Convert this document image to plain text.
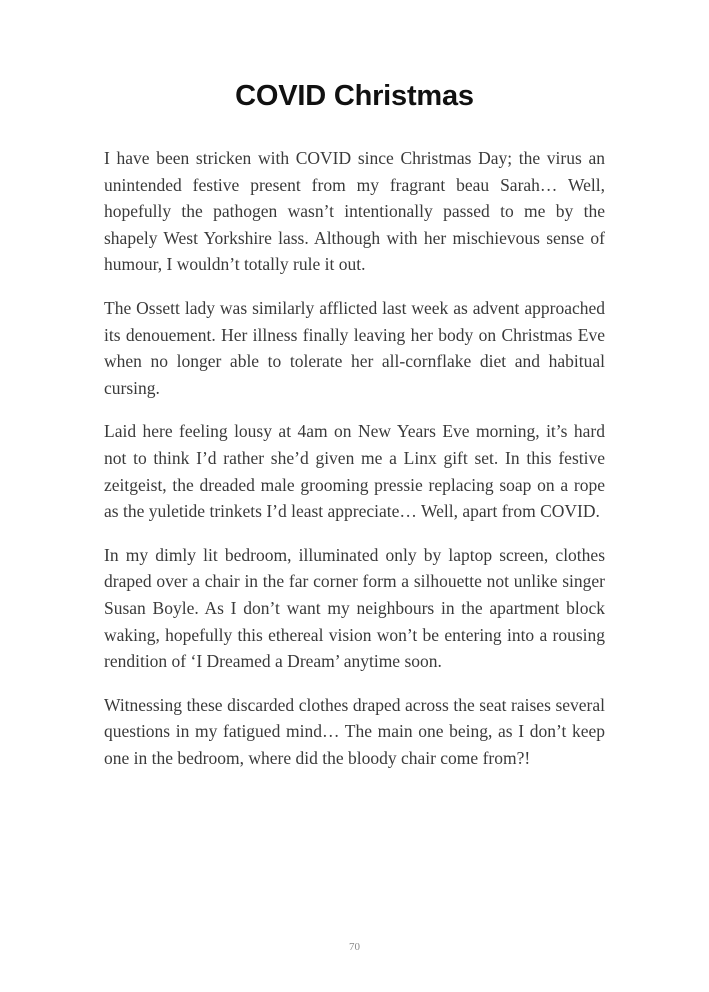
COVID Christmas

I have been stricken with COVID since Christmas Day; the virus an unintended festive present from my fragrant beau Sarah… Well, hopefully the pathogen wasn’t intentionally passed to me by the shapely West Yorkshire lass. Although with her mischievous sense of humour, I wouldn’t totally rule it out.

The Ossett lady was similarly afflicted last week as advent approached its denouement. Her illness finally leaving her body on Christmas Eve when no longer able to tolerate her all-cornflake diet and habitual cursing.

Laid here feeling lousy at 4am on New Years Eve morning, it’s hard not to think I’d rather she’d given me a Linx gift set. In this festive zeitgeist, the dreaded male grooming pressie replacing soap on a rope as the yuletide trinkets I’d least appreciate… Well, apart from COVID.

In my dimly lit bedroom, illuminated only by laptop screen, clothes draped over a chair in the far corner form a silhouette not unlike singer Susan Boyle. As I don’t want my neighbours in the apartment block waking, hopefully this ethereal vision won’t be entering into a rousing rendition of ‘I Dreamed a Dream’ anytime soon.

Witnessing these discarded clothes draped across the seat raises several questions in my fatigued mind… The main one being, as I don’t keep one in the bedroom, where did the bloody chair come from?!

70
